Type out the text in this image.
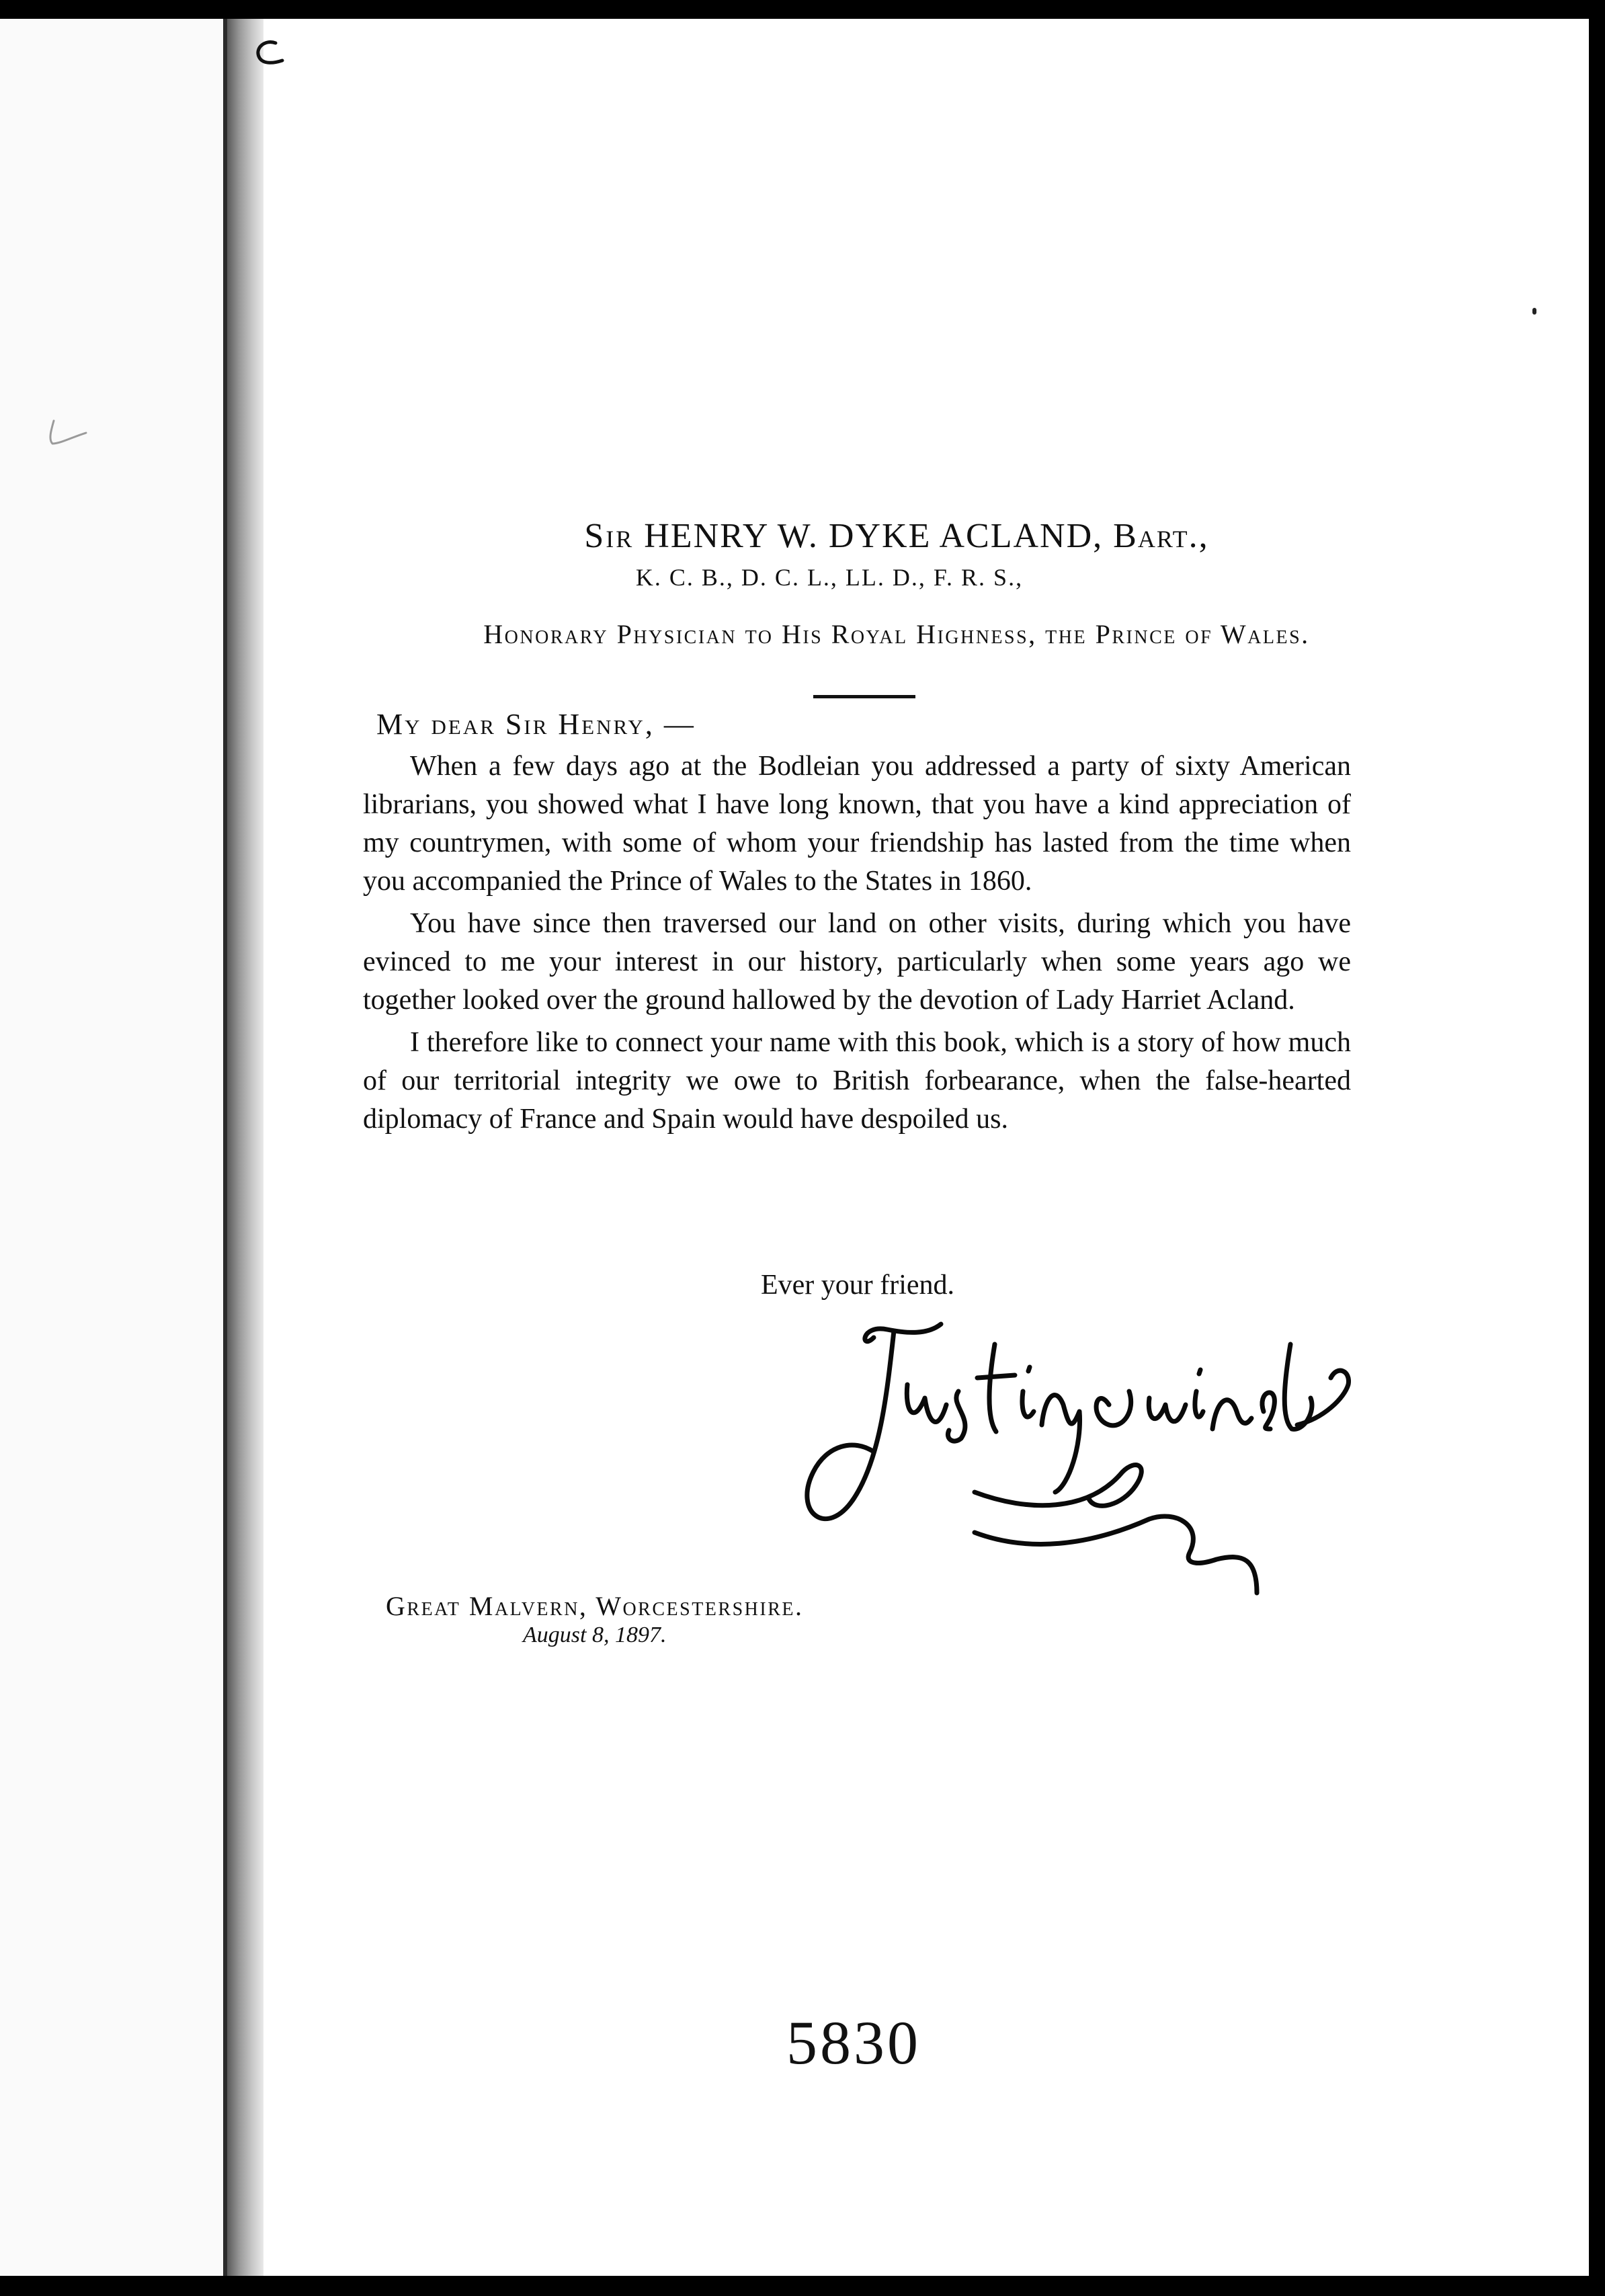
Sir HENRY W. DYKE ACLAND, Bart.,
K. C. B., D. C. L., LL. D., F. R. S.,
Honorary Physician to His Royal Highness, the Prince of Wales.
My dear Sir Henry, —

When a few days ago at the Bodleian you addressed a party of sixty American librarians, you showed what I have long known, that you have a kind appreciation of my countrymen, with some of whom your friendship has lasted from the time when you accompanied the Prince of Wales to the States in 1860.

You have since then traversed our land on other visits, during which you have evinced to me your interest in our history, particularly when some years ago we together looked over the ground hallowed by the devotion of Lady Harriet Acland.

I therefore like to connect your name with this book, which is a story of how much of our territorial integrity we owe to British forbearance, when the false-hearted diplomacy of France and Spain would have despoiled us.

Ever your friend.
Great Malvern, Worcestershire.
August 8, 1897.
5830
